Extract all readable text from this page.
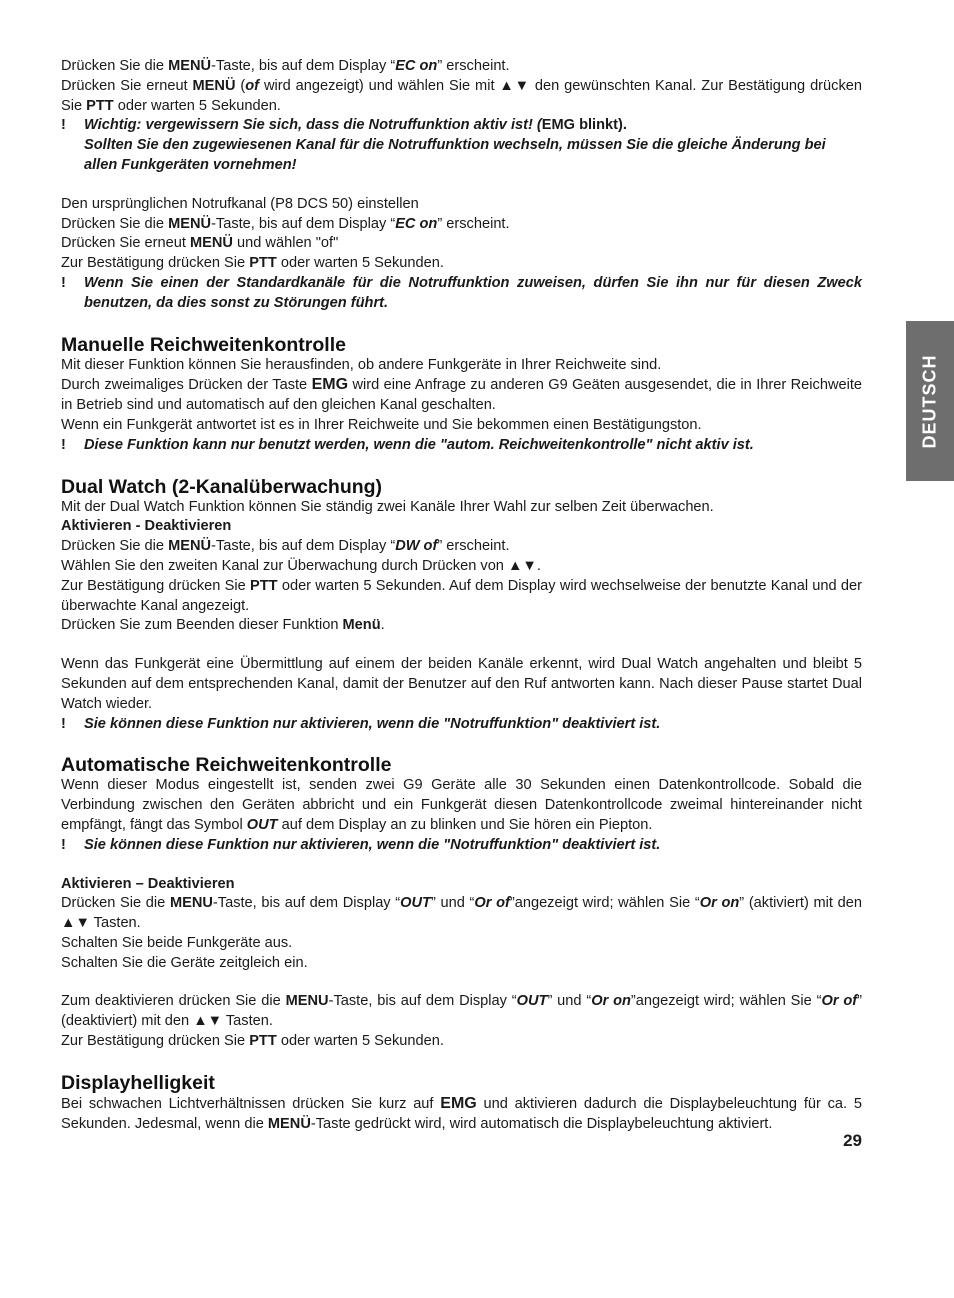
DEUTSCH

Drücken Sie die MENÜ-Taste, bis auf dem Display “EC on” erscheint.

Drücken Sie erneut MENÜ (of wird angezeigt) und wählen Sie mit ▲▼ den gewünschten Kanal. Zur Bestätigung drücken Sie PTT oder warten 5 Sekunden.

!	Wichtig: vergewissern Sie sich, dass die Notruffunktion aktiv ist! (EMG blinkt).
Sollten Sie den zugewiesenen Kanal für die Notruffunktion wechseln, müssen Sie die gleiche Änderung bei allen Funkgeräten vornehmen!

Den ursprünglichen Notrufkanal (P8 DCS 50) einstellen

Drücken Sie die MENÜ-Taste, bis auf dem Display “EC on” erscheint.

Drücken Sie erneut MENÜ und wählen "of"

Zur Bestätigung drücken Sie PTT oder warten 5 Sekunden.

!	Wenn Sie einen der Standardkanäle für die Notruffunktion zuweisen, dürfen Sie ihn nur für diesen Zweck benutzen, da dies sonst zu Störungen führt.
Manuelle Reichweitenkontrolle

Mit dieser Funktion können Sie herausfinden, ob andere Funkgeräte in Ihrer Reichweite sind.

Durch zweimaliges Drücken der Taste EMG wird eine Anfrage zu anderen G9 Geäten ausgesendet, die in Ihrer Reichweite in Betrieb sind und automatisch auf den gleichen Kanal geschalten.

Wenn ein Funkgerät antwortet ist es in Ihrer Reichweite und Sie bekommen einen Bestätigungston.

!	Diese Funktion kann nur benutzt werden, wenn die "autom. Reichweitenkontrolle" nicht aktiv ist.
Dual Watch (2-Kanalüberwachung)

Mit der Dual Watch Funktion können Sie ständig zwei Kanäle Ihrer Wahl zur selben Zeit überwachen.

Aktivieren - Deaktivieren

Drücken Sie die MENÜ-Taste, bis auf dem Display “DW of” erscheint.

Wählen Sie den zweiten Kanal zur Überwachung durch Drücken von ▲▼.

Zur Bestätigung drücken Sie PTT oder warten 5 Sekunden. Auf dem Display wird wechselweise der benutzte Kanal und der überwachte Kanal angezeigt.

Drücken Sie zum Beenden dieser Funktion Menü.

Wenn das Funkgerät eine Übermittlung auf einem der beiden Kanäle erkennt, wird Dual Watch angehalten und bleibt 5 Sekunden auf dem entsprechenden Kanal, damit der Benutzer auf den Ruf antworten kann. Nach dieser Pause startet Dual Watch wieder.

!	Sie können diese Funktion nur aktivieren, wenn die "Notruffunktion" deaktiviert ist.
Automatische Reichweitenkontrolle

Wenn dieser Modus eingestellt ist, senden zwei G9 Geräte alle 30 Sekunden einen Datenkontrollcode. Sobald die Verbindung zwischen den Geräten abbricht und ein Funkgerät diesen Datenkontrollcode zweimal hintereinander nicht empfängt, fängt das Symbol OUT auf dem Display an zu blinken und Sie hören ein Piepton.

!	Sie können diese Funktion nur aktivieren, wenn die "Notruffunktion" deaktiviert ist.

Aktivieren – Deaktivieren

Drücken Sie die MENU-Taste, bis auf dem Display “OUT” und “Or of”angezeigt wird; wählen Sie “Or on” (aktiviert) mit den ▲▼ Tasten.

Schalten Sie beide Funkgeräte aus.

Schalten Sie die Geräte zeitgleich ein.

Zum deaktivieren drücken Sie die MENU-Taste, bis auf dem Display “OUT” und “Or on”angezeigt wird; wählen Sie “Or of” (deaktiviert) mit den ▲▼ Tasten.

Zur Bestätigung drücken Sie PTT oder warten 5 Sekunden.

Displayhelligkeit

Bei schwachen Lichtverhältnissen drücken Sie kurz auf EMG und aktivieren dadurch die Displaybeleuchtung für ca. 5 Sekunden. Jedesmal, wenn die MENÜ-Taste gedrückt wird, wird automatisch die Displaybeleuchtung aktiviert.

29
